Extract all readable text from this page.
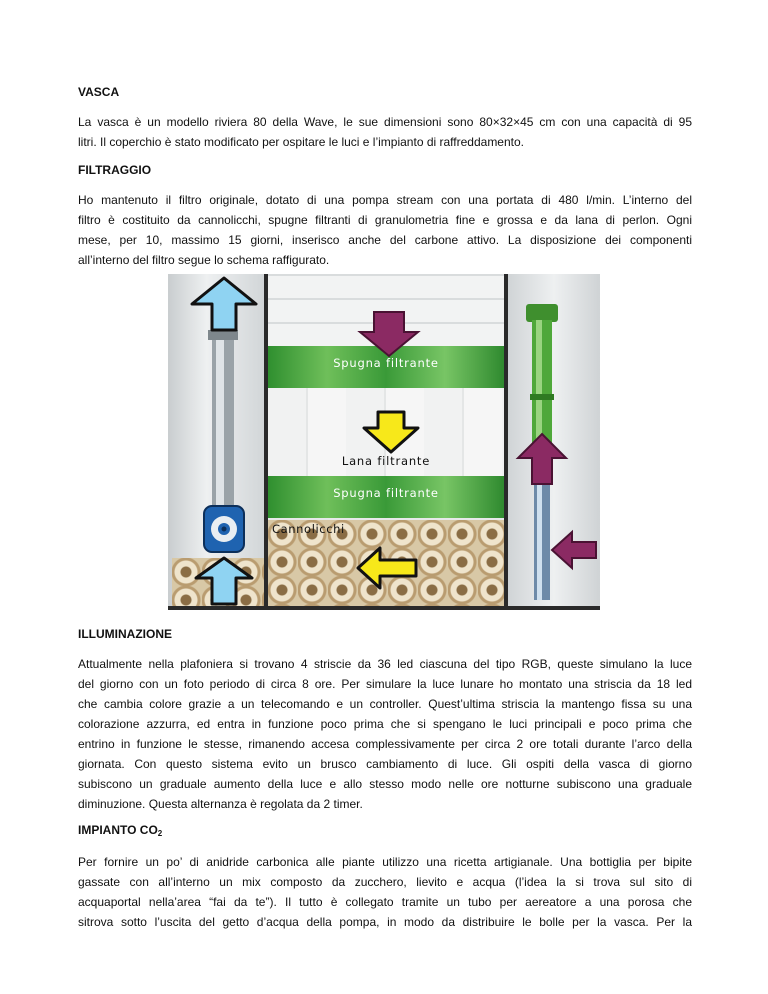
VASCA
La vasca è un modello riviera 80 della Wave, le sue dimensioni sono 80×32×45 cm con una capacità di 95
litri. Il coperchio è stato modificato per ospitare le luci e l’impianto di raffreddamento.
FILTRAGGIO
Ho mantenuto il filtro originale, dotato di una pompa stream con una portata di 480 l/min. L’interno del
filtro è costituito da cannolicchi, spugne filtranti di granulometria fine e grossa e da lana di perlon. Ogni
mese, per 10, massimo 15 giorni, inserisco anche del carbone attivo. La disposizione dei componenti
all’interno del filtro segue lo schema raffigurato.
Spugna filtrante
Lana filtrante
Spugna filtrante
Cannolicchi
ILLUMINAZIONE
Attualmente nella plafoniera si trovano 4 striscie da 36 led ciascuna del tipo RGB, queste simulano la luce
del giorno con un foto periodo di circa 8 ore. Per simulare la luce lunare ho montato una striscia da 18 led
che cambia colore grazie a un telecomando e un controller. Quest’ultima striscia la mantengo fissa su una
colorazione azzurra, ed entra in funzione poco prima che si spengano le luci principali e poco prima che
entrino in funzione le stesse, rimanendo accesa complessivamente per circa 2 ore totali durante l’arco della
giornata. Con questo sistema evito un brusco cambiamento di luce. Gli ospiti della vasca di giorno
subiscono un graduale aumento della luce e allo stesso modo nelle ore notturne subiscono una graduale
diminuzione. Questa alternanza è regolata da 2 timer.
IMPIANTO $CO_2$
Per fornire un po’ di anidride carbonica alle piante utilizzo una ricetta artigianale. Una bottiglia per bipite
gassate con all’interno un mix composto da zucchero, lievito e acqua (l’idea la si trova sul sito di
acquaportal nella’area “fai da te”). Il tutto è collegato tramite un tubo per aereatore a una porosa che
sitrova sotto l’uscita del getto d’acqua della pompa, in modo da distribuire le bolle per la vasca. Per la
